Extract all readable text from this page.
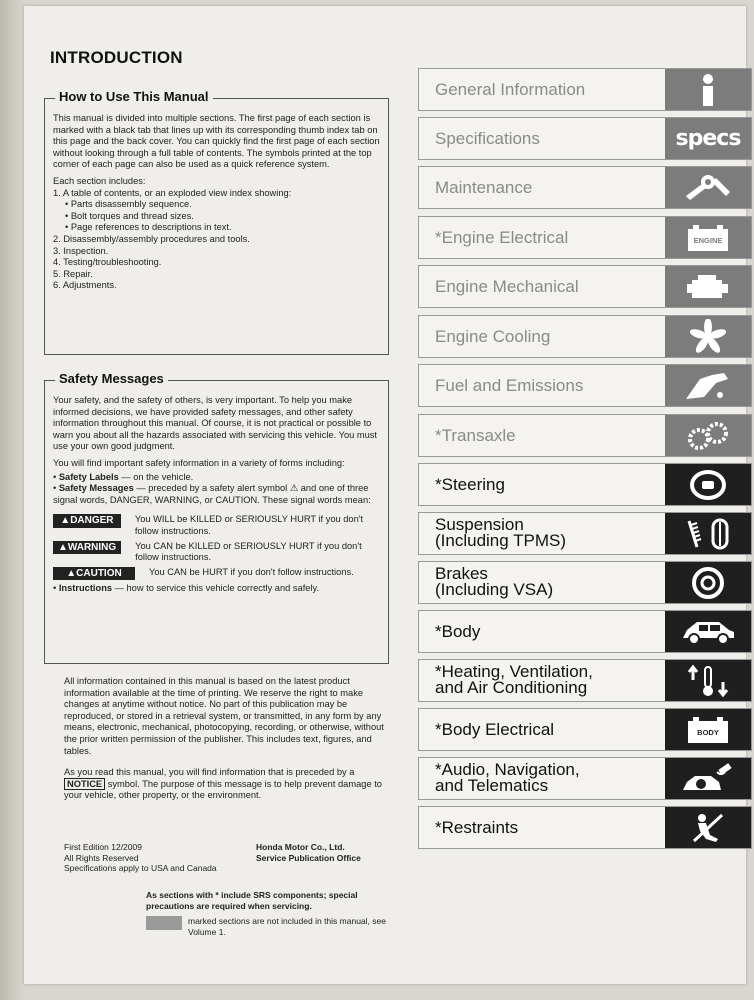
INTRODUCTION
How to Use This Manual

This manual is divided into multiple sections. The first page of each section is marked with a black tab that lines up with its corresponding thumb index tab on this page and the back cover. You can quickly find the first page of each section without looking through a full table of contents. The symbols printed at the top corner of each page can also be used as a quick reference system.

Each section includes:
1. A table of contents, or an exploded view index showing:
• Parts disassembly sequence.
• Bolt torques and thread sizes.
• Page references to descriptions in text.
2. Disassembly/assembly procedures and tools.
3. Inspection.
4. Testing/troubleshooting.
5. Repair.
6. Adjustments.
Safety Messages

Your safety, and the safety of others, is very important. To help you make informed decisions, we have provided safety messages, and other safety information throughout this manual. Of course, it is not practical or possible to warn you about all the hazards associated with servicing this vehicle. You must use your own good judgment.

You will find important safety information in a variety of forms including:

• Safety Labels — on the vehicle.
• Safety Messages — preceded by a safety alert symbol ⚠ and one of three signal words, DANGER, WARNING, or CAUTION. These signal words mean:
▲DANGER	You WILL be KILLED or SERIOUSLY HURT if you don't follow instructions.
▲WARNING	You CAN be KILLED or SERIOUSLY HURT if you don't follow instructions.
▲CAUTION	You CAN be HURT if you don't follow instructions.
• Instructions — how to service this vehicle correctly and safely.

All information contained in this manual is based on the latest product information available at the time of printing. We reserve the right to make changes at anytime without notice. No part of this publication may be reproduced, or stored in a retrieval system, or transmitted, in any form by any means, electronic, mechanical, photocopying, recording, or otherwise, without the prior written permission of the publisher. This includes text, figures, and tables.

As you read this manual, you will find information that is preceded by a NOTICE symbol. The purpose of this message is to help prevent damage to your vehicle, other property, or the environment.

First Edition 12/2009
All Rights Reserved
Specifications apply to USA and Canada
Honda Motor Co., Ltd.
Service Publication Office
As sections with * include SRS components; special precautions are required when servicing.
marked sections are not included in this manual, see Volume 1.
General Information
Specifications	specs
Maintenance
*Engine Electrical	ENGINE
Engine Mechanical
Engine Cooling
Fuel and Emissions
*Transaxle
*Steering
Suspension
(Including TPMS)
Brakes
(Including VSA)
*Body
*Heating, Ventilation,
and Air Conditioning
*Body Electrical	BODY
*Audio, Navigation,
and Telematics
*Restraints
